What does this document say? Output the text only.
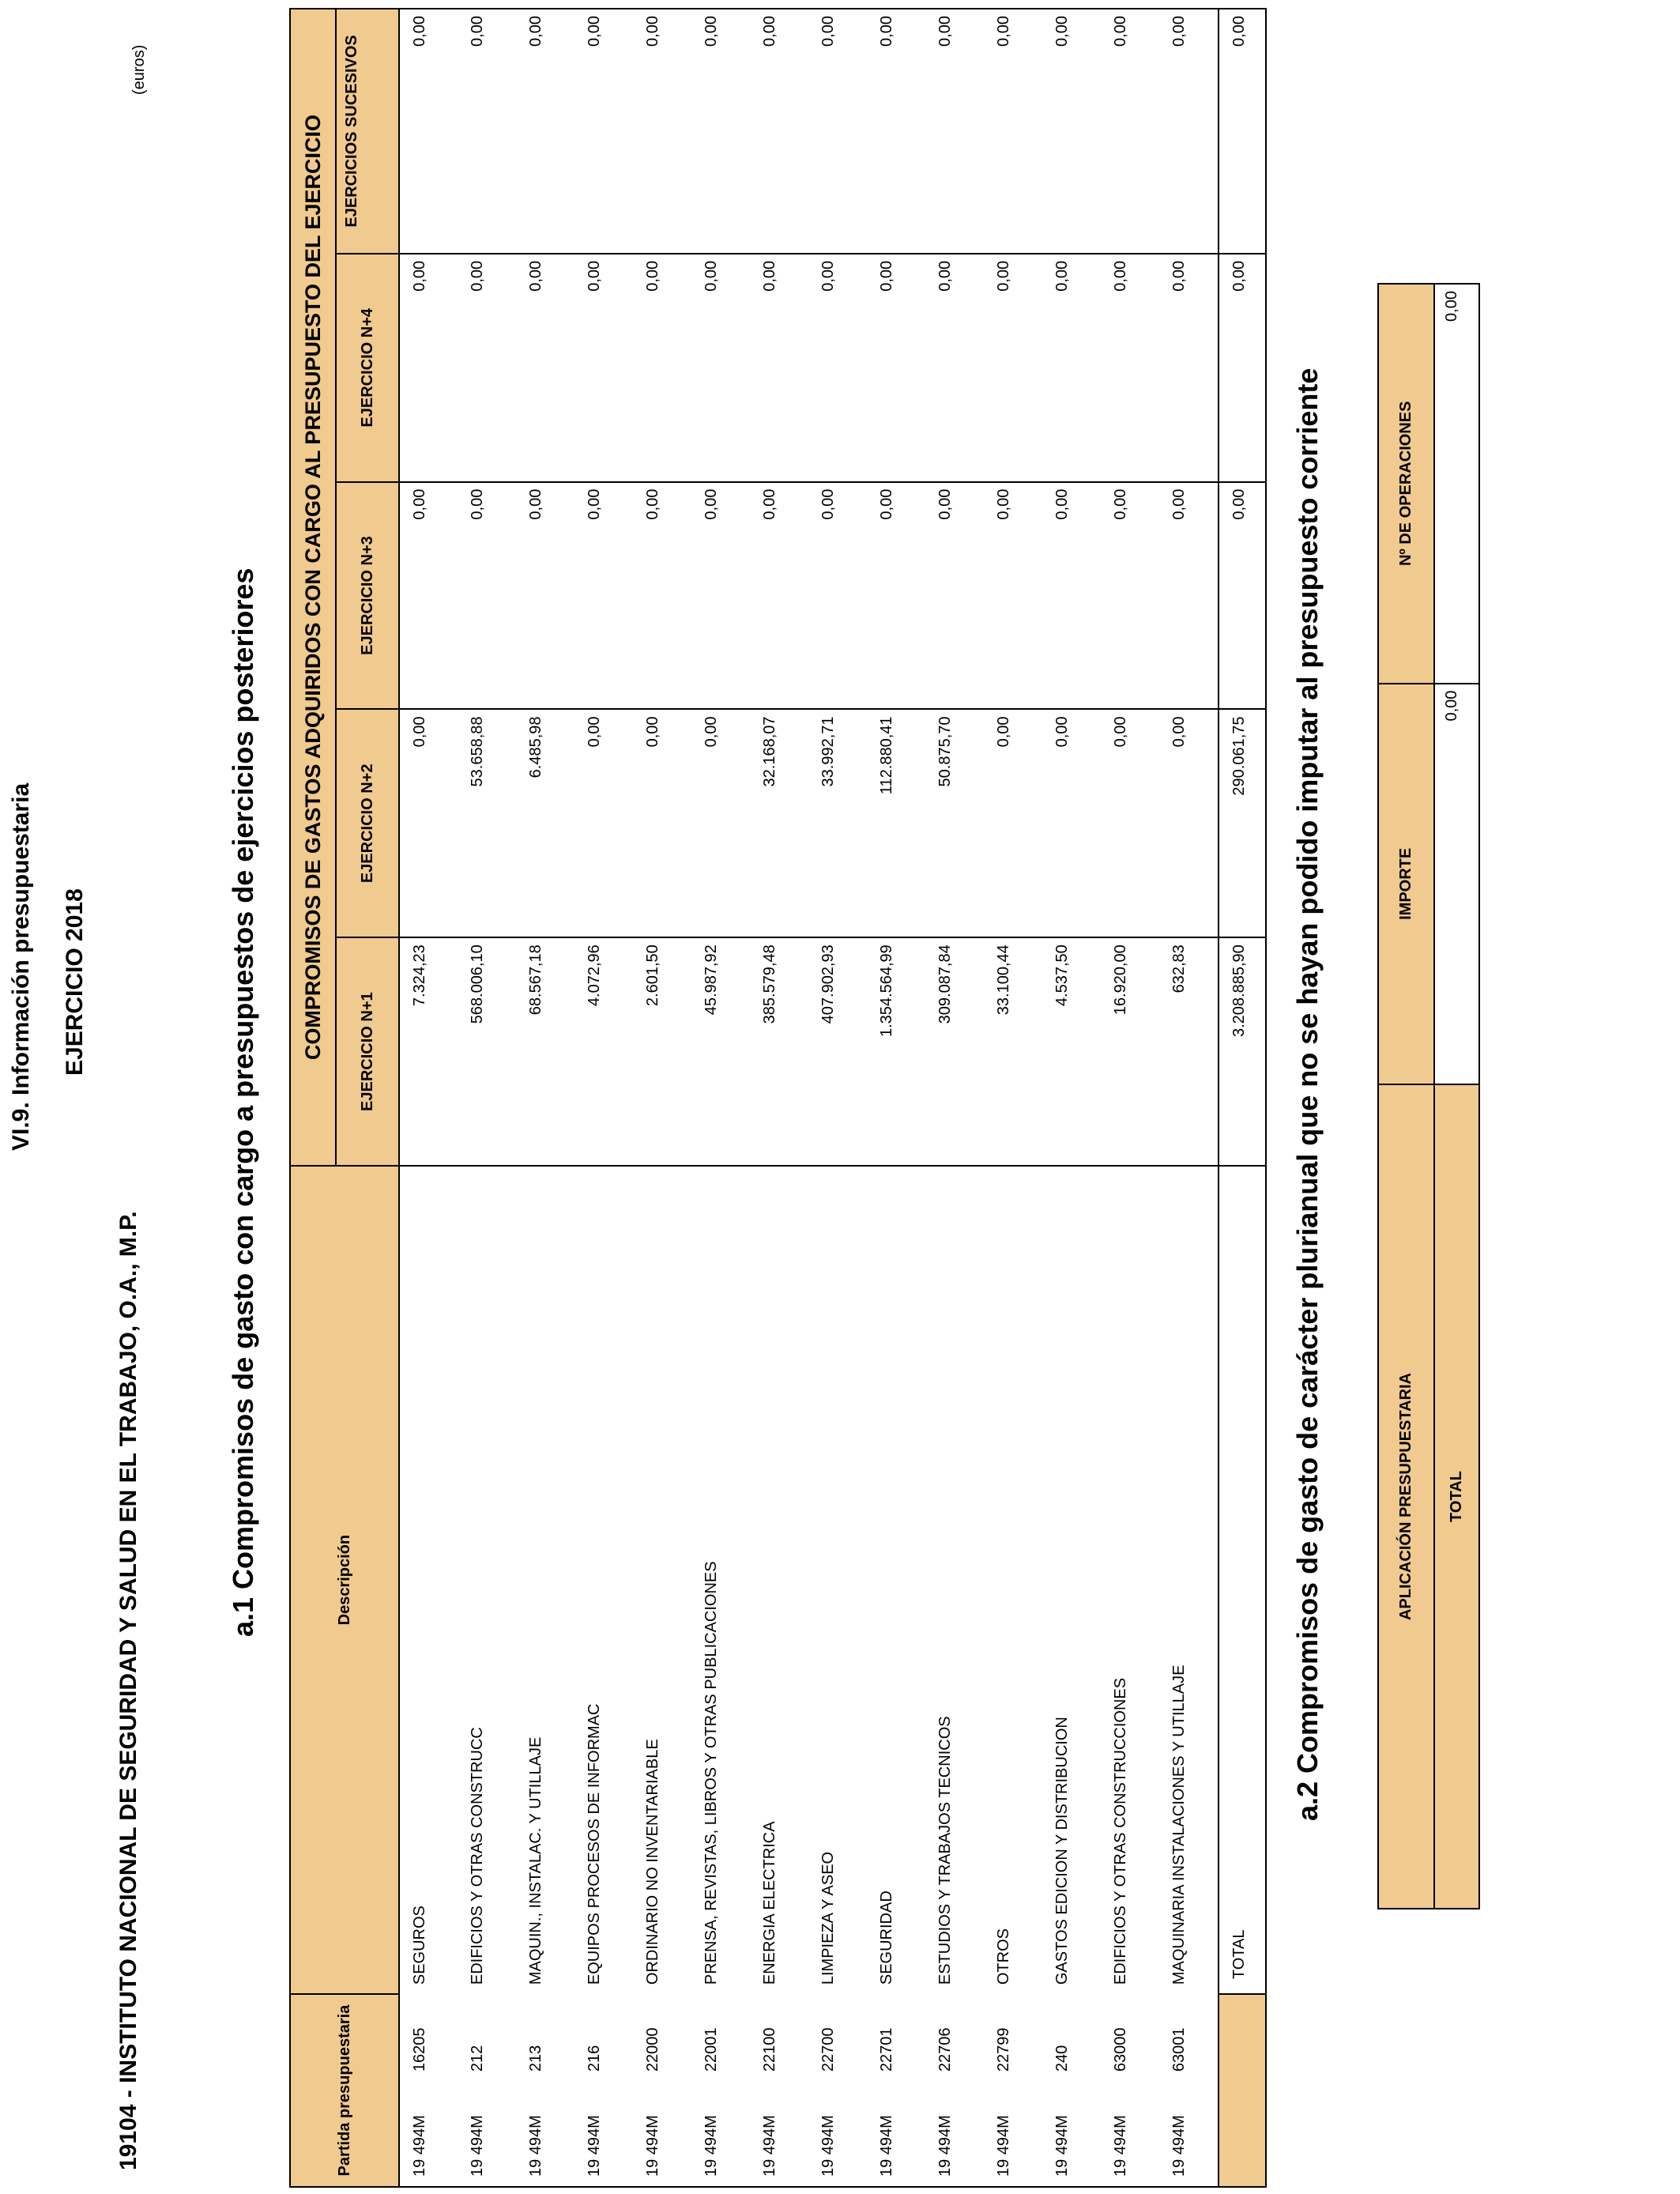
VI.9. Información presupuestaria EJERCICIO 2018
19104 - INSTITUTO NACIONAL DE SEGURIDAD Y SALUD EN EL TRABAJO, O.A., M.P.
(euros)
a.1 Compromisos de gasto con cargo a presupuestos de ejercicios posteriores
Partida presupuestaria		Descripción	COMPROMISOS DE GASTOS ADQUIRIDOS CON CARGO AL PRESUPUESTO DEL EJERCICIO				
			EJERCICIO N+1	EJERCICIO N+2	EJERCICIO N+3	EJERCICIO N+4	EJERCICIOS SUCESIVOS
19 494M	16205	SEGUROS	7.324,23	0,00	0,00	0,00	0,00
19 494M	212	EDIFICIOS Y OTRAS CONSTRUCC	568.006,10	53.658,88	0,00	0,00	0,00
19 494M	213	MAQUIN., INSTALAC. Y UTILLAJE	68.567,18	6.485,98	0,00	0,00	0,00
19 494M	216	EQUIPOS PROCESOS DE INFORMAC	4.072,96	0,00	0,00	0,00	0,00
19 494M	22000	ORDINARIO NO INVENTARIABLE	2.601,50	0,00	0,00	0,00	0,00
19 494M	22001	PRENSA, REVISTAS, LIBROS Y OTRAS PUBLICACIONES	45.987,92	0,00	0,00	0,00	0,00
19 494M	22100	ENERGIA ELECTRICA	385.579,48	32.168,07	0,00	0,00	0,00
19 494M	22700	LIMPIEZA Y ASEO	407.902,93	33.992,71	0,00	0,00	0,00
19 494M	22701	SEGURIDAD	1.354.564,99	112.880,41	0,00	0,00	0,00
19 494M	22706	ESTUDIOS Y TRABAJOS TECNICOS	309.087,84	50.875,70	0,00	0,00	0,00
19 494M	22799	OTROS	33.100,44	0,00	0,00	0,00	0,00
19 494M	240	GASTOS EDICION Y DISTRIBUCION	4.537,50	0,00	0,00	0,00	0,00
19 494M	63000	EDIFICIOS Y OTRAS CONSTRUCCIONES	16.920,00	0,00	0,00	0,00	0,00
19 494M	63001	MAQUINARIA INSTALACIONES Y UTILLAJE	632,83	0,00	0,00	0,00	0,00
		TOTAL	3.208.885,90	290.061,75	0,00	0,00	0,00
a.2 Compromisos de gasto de carácter plurianual que no se hayan podido imputar al presupuesto corriente	APLICACIÓN PRESUPUESTARIA	IMPORTE	Nº DE OPERACIONES
TOTAL	0,00	0,00
